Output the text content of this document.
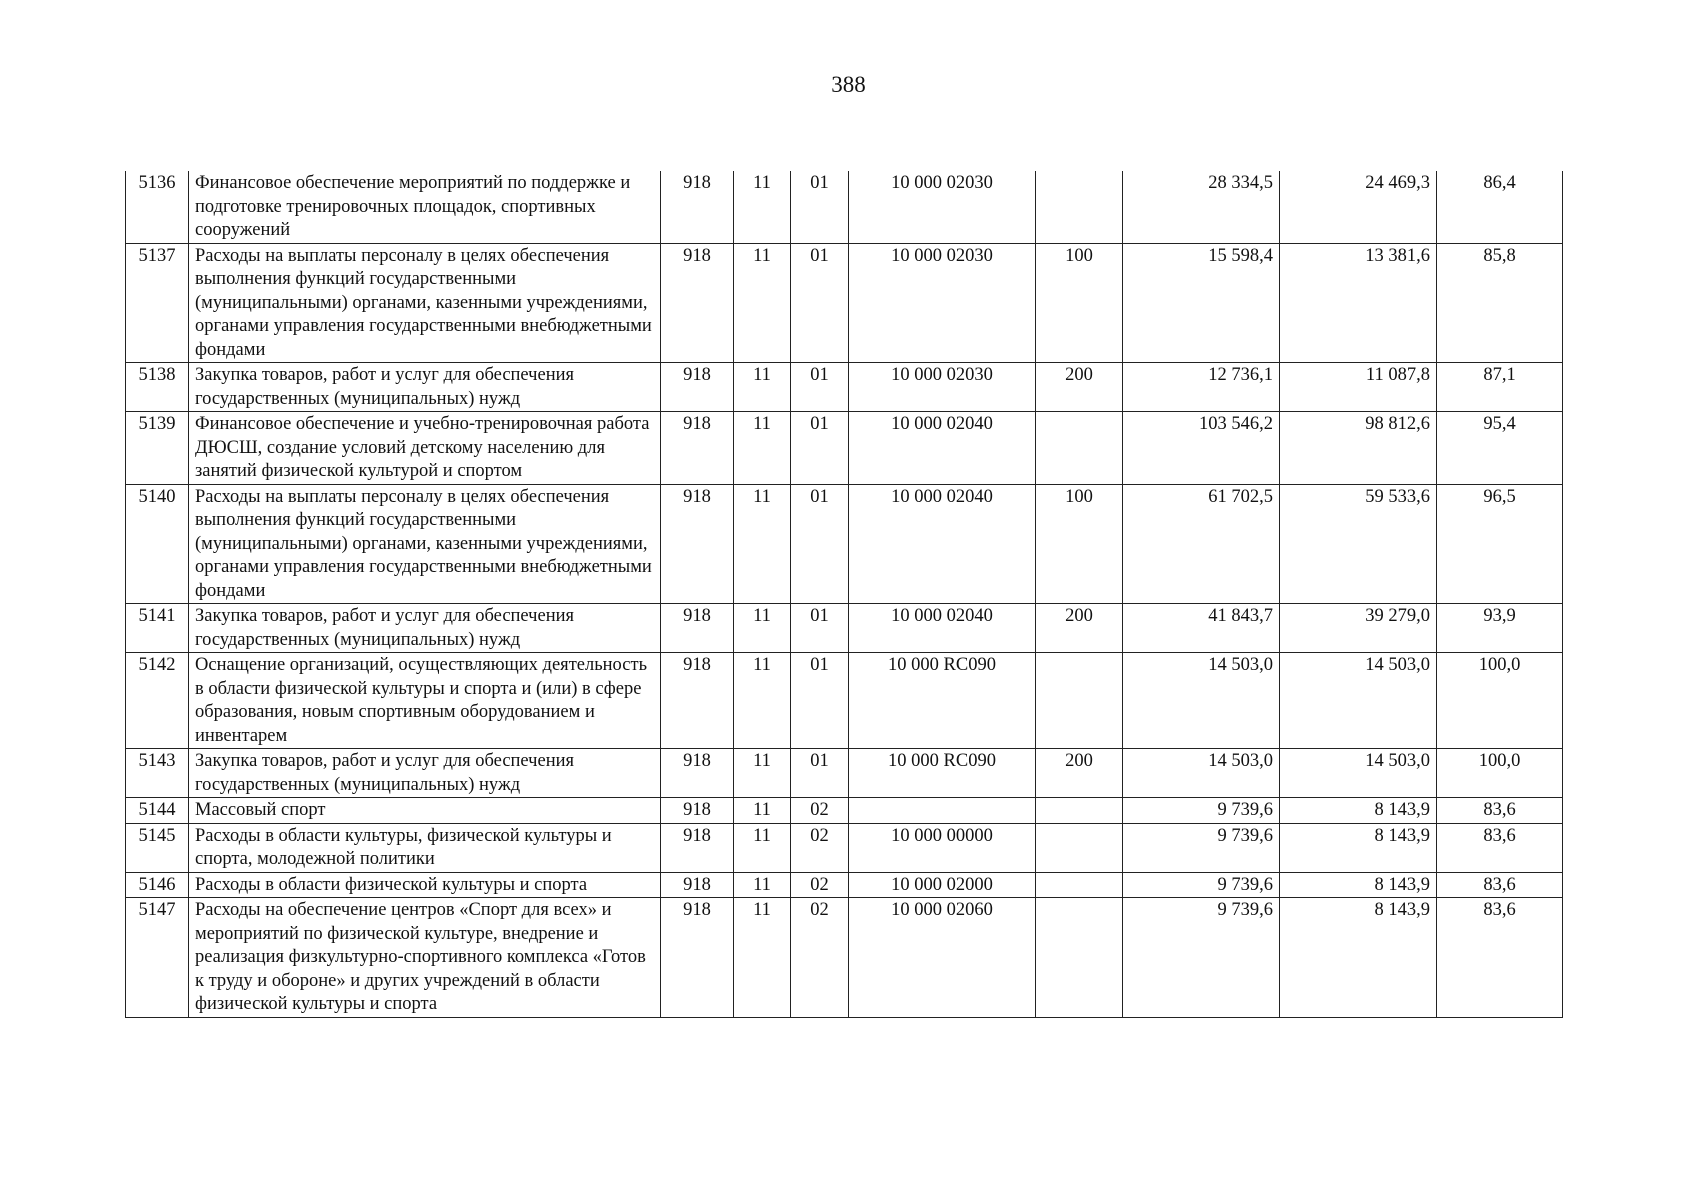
388
5136	Финансовое обеспечение мероприятий по поддержке и подготовке тренировочных площадок, спортивных сооружений	918	11	01	10 000 02030		28 334,5	24 469,3	86,4
5137	Расходы на выплаты персоналу в целях обеспечения выполнения функций государственными (муниципальными) органами, казенными учреждениями, органами управления государственными внебюджетными фондами	918	11	01	10 000 02030	100	15 598,4	13 381,6	85,8
5138	Закупка товаров, работ и услуг для обеспечения государственных (муниципальных) нужд	918	11	01	10 000 02030	200	12 736,1	11 087,8	87,1
5139	Финансовое обеспечение и учебно-тренировочная работа ДЮСШ, создание условий детскому населению для занятий физической культурой и спортом	918	11	01	10 000 02040		103 546,2	98 812,6	95,4
5140	Расходы на выплаты персоналу в целях обеспечения выполнения функций государственными (муниципальными) органами, казенными учреждениями, органами управления государственными внебюджетными фондами	918	11	01	10 000 02040	100	61 702,5	59 533,6	96,5
5141	Закупка товаров, работ и услуг для обеспечения государственных (муниципальных) нужд	918	11	01	10 000 02040	200	41 843,7	39 279,0	93,9
5142	Оснащение организаций, осуществляющих деятельность в области физической культуры и спорта и (или) в сфере образования, новым спортивным оборудованием и инвентарем	918	11	01	10 000 RC090		14 503,0	14 503,0	100,0
5143	Закупка товаров, работ и услуг для обеспечения государственных (муниципальных) нужд	918	11	01	10 000 RC090	200	14 503,0	14 503,0	100,0
5144	Массовый спорт	918	11	02			9 739,6	8 143,9	83,6
5145	Расходы в области культуры, физической культуры и спорта, молодежной политики	918	11	02	10 000 00000		9 739,6	8 143,9	83,6
5146	Расходы в области физической культуры и спорта	918	11	02	10 000 02000		9 739,6	8 143,9	83,6
5147	Расходы на обеспечение центров «Спорт для всех» и мероприятий по физической культуре, внедрение и реализация физкультурно-спортивного комплекса «Готов к труду и обороне» и других учреждений в области физической культуры и спорта	918	11	02	10 000 02060		9 739,6	8 143,9	83,6
